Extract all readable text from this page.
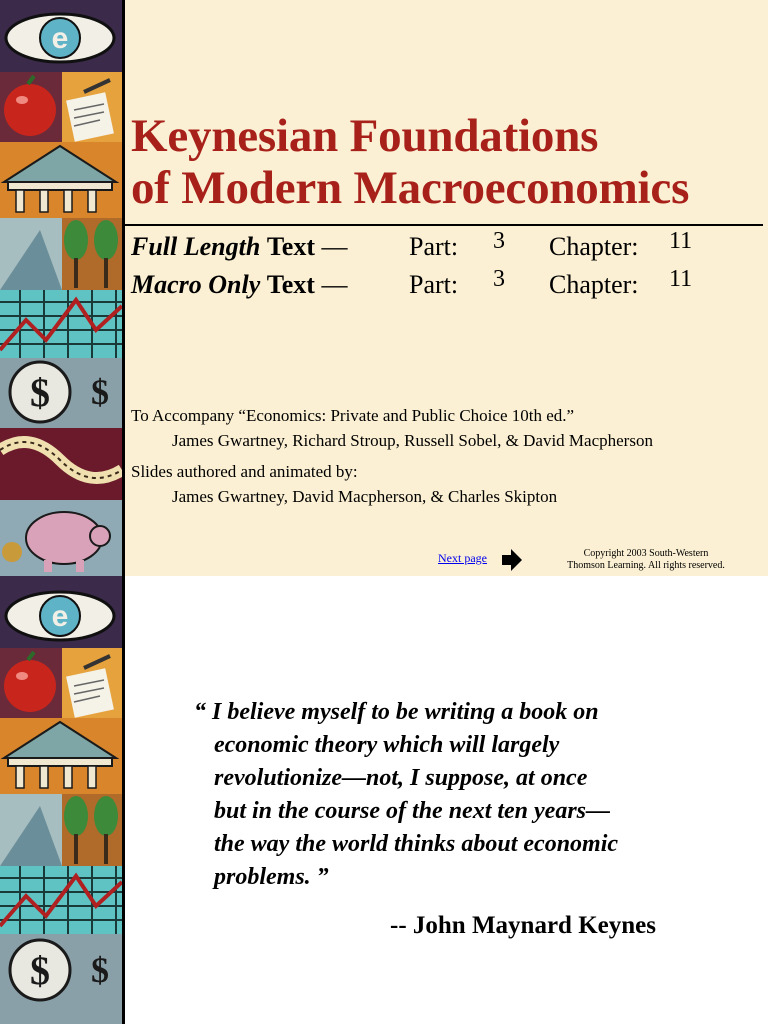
e
$ $
Keynesian Foundations
of Modern Macroeconomics
Full Length Text — Part: 3 Chapter: 11
Macro Only Text — Part: 3 Chapter: 11
To Accompany “Economics: Private and Public Choice 10th ed.”
James Gwartney, Richard Stroup, Russell Sobel, & David Macpherson
Slides authored and animated by:
James Gwartney, David Macpherson, & Charles Skipton
Next page	Copyright 2003 South-Western
Thomson Learning. All rights reserved.
e
$ $

“ I believe myself to be writing a book on
economic theory which will largely
revolutionize—not, I suppose, at once
but in the course of the next ten years—
the way the world thinks about economic
problems. ”

-- John Maynard Keynes
